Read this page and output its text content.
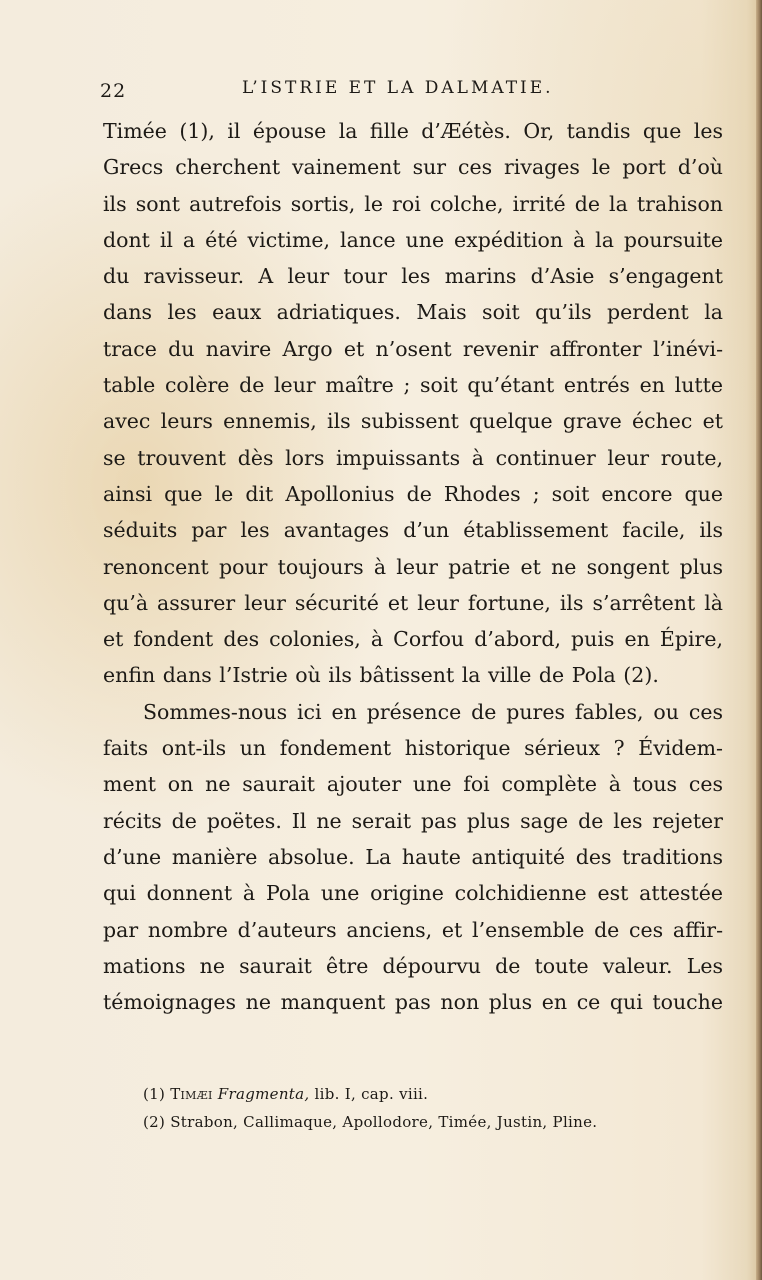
22	L’ISTRIE ET LA DALMATIE.
Timée (1), il épouse la fille d’Æétès. Or, tandis que les
Grecs cherchent vainement sur ces rivages le port d’où
ils sont autrefois sortis, le roi colche, irrité de la trahison
dont il a été victime, lance une expédition à la poursuite
du ravisseur. A leur tour les marins d’Asie s’engagent
dans les eaux adriatiques. Mais soit qu’ils perdent la
trace du navire Argo et n’osent revenir affronter l’inévi-
table colère de leur maître ; soit qu’étant entrés en lutte
avec leurs ennemis, ils subissent quelque grave échec et
se trouvent dès lors impuissants à continuer leur route,
ainsi que le dit Apollonius de Rhodes ; soit encore que
séduits par les avantages d’un établissement facile, ils
renoncent pour toujours à leur patrie et ne songent plus
qu’à assurer leur sécurité et leur fortune, ils s’arrêtent là
et fondent des colonies, à Corfou d’abord, puis en Épire,
enfin dans l’Istrie où ils bâtissent la ville de Pola (2).
Sommes-nous ici en présence de pures fables, ou ces
faits ont-ils un fondement historique sérieux ? Évidem-
ment on ne saurait ajouter une foi complète à tous ces
récits de poëtes. Il ne serait pas plus sage de les rejeter
d’une manière absolue. La haute antiquité des traditions
qui donnent à Pola une origine colchidienne est attestée
par nombre d’auteurs anciens, et l’ensemble de ces affir-
mations ne saurait être dépourvu de toute valeur. Les
témoignages ne manquent pas non plus en ce qui touche
(1) Timæi Fragmenta, lib. I, cap. viii.
(2) Strabon, Callimaque, Apollodore, Timée, Justin, Pline.
